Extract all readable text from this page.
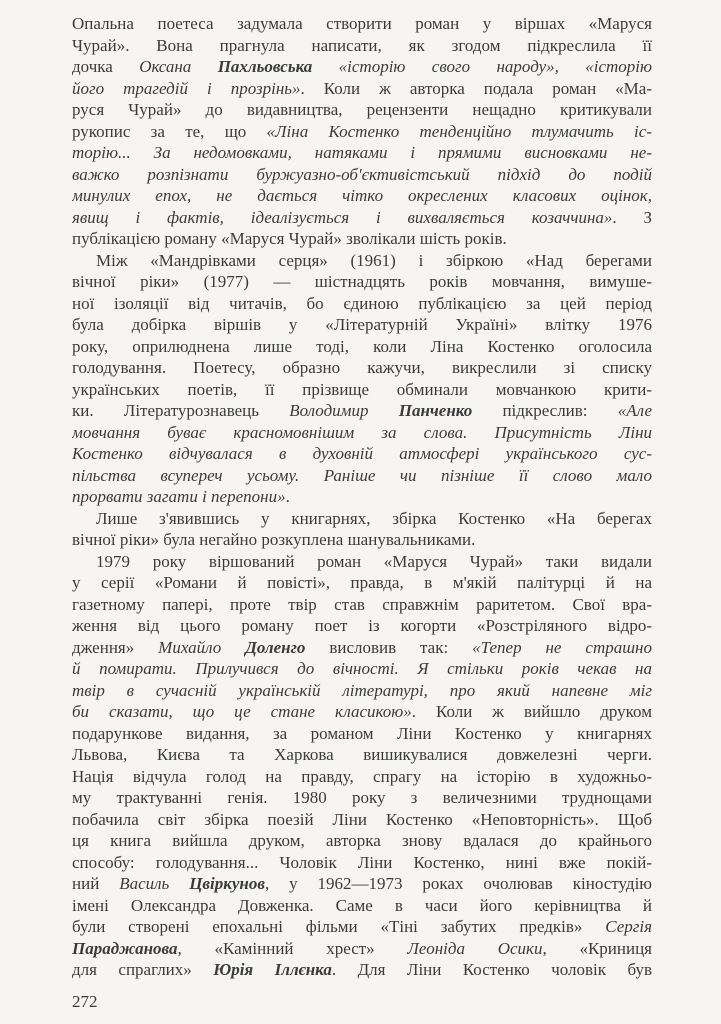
Опальна поетеса задумала створити роман у віршах «Маруся
Чурай». Вона прагнула написати, як згодом підкреслила її
дочка Оксана Пахльовська «історію свого народу», «історію
його трагедій і прозрінь». Коли ж авторка подала роман «Ма-
руся Чурай» до видавництва, рецензенти нещадно критикували
рукопис за те, що «Ліна Костенко тенденційно тлумачить іс-
торію... За недомовками, натяками і прямими висновками не-
важко розпізнати буржуазно-об'єктивістський підхід до подій
минулих епох, не дається чітко окреслених класових оцінок,
явищ і фактів, ідеалізується і вихваляється козаччина». З
публікацією роману «Маруся Чурай» зволікали шість років.
Між «Мандрівками серця» (1961) і збіркою «Над берегами
вічної ріки» (1977) — шістнадцять років мовчання, вимуше-
ної ізоляції від читачів, бо єдиною публікацією за цей період
була добірка віршів у «Літературній Україні» влітку 1976
року, оприлюднена лише тоді, коли Ліна Костенко оголосила
голодування. Поетесу, образно кажучи, викреслили зі списку
українських поетів, її прізвище обминали мовчанкою крити-
ки. Літературознавець Володимир Панченко підкреслив: «Але
мовчання буває красномовнішим за слова. Присутність Ліни
Костенко відчувалася в духовній атмосфері українського сус-
пільства всупереч усьому. Раніше чи пізніше її слово мало
прорвати загати і перепони».
Лише з'явившись у книгарнях, збірка Костенко «На берегах
вічної ріки» була негайно розкуплена шанувальниками.
1979 року віршований роман «Маруся Чурай» таки видали
у серії «Романи й повісті», правда, в м'якій палітурці й на
газетному папері, проте твір став справжнім раритетом. Свої вра-
ження від цього роману поет із когорти «Розстріляного відро-
дження» Михайло Доленго висловив так: «Тепер не страшно
й помирати. Прилучився до вічності. Я стільки років чекав на
твір в сучасній українській літературі, про який напевне міг
би сказати, що це стане класикою». Коли ж вийшло друком
подарункове видання, за романом Ліни Костенко у книгарнях
Львова, Києва та Харкова вишикувалися довжелезні черги.
Нація відчула голод на правду, спрагу на історію в художньо-
му трактуванні генія. 1980 року з величезними труднощами
побачила світ збірка поезій Ліни Костенко «Неповторність». Щоб
ця книга вийшла друком, авторка знову вдалася до крайнього
способу: голодування... Чоловік Ліни Костенко, нині вже покій-
ний Василь Цвіркунов, у 1962—1973 роках очолював кіностудію
імені Олександра Довженка. Саме в часи його керівництва й
були створені епохальні фільми «Тіні забутих предків» Сергія
Параджанова, «Камінний хрест» Леоніда Осики, «Криниця
для спраглих» Юрія Іллєнка. Для Ліни Костенко чоловік був
272
